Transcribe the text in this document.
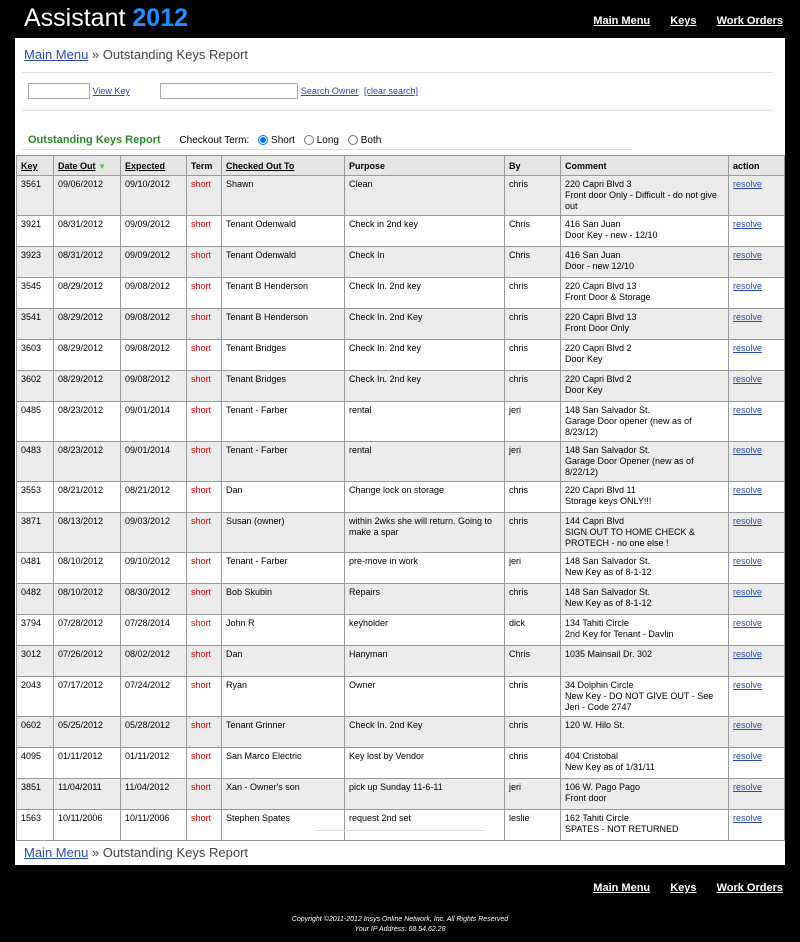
Assistant 2012	Main Menu Keys Work Orders
Main Menu » Outstanding Keys Report
View Key	Search Owner [clear search]
Outstanding Keys Report Checkout Term: Short Long Both
Key	Date Out ▼	Expected	Term	Checked Out To	Purpose	By	Comment	action
3561	09/06/2012	09/10/2012	short	Shawn	Clean	chris	220 Capri Blvd 3
Front door Only - Difficult - do not give out	resolve
3921	08/31/2012	09/09/2012	short	Tenant Odenwald	Check in 2nd key	Chris	416 San Juan
Door Key - new - 12/10	resolve
3923	08/31/2012	09/09/2012	short	Tenant Odenwald	Check In	Chris	416 San Juan
Door - new 12/10	resolve
3545	08/29/2012	09/08/2012	short	Tenant B Henderson	Check In. 2nd key	chris	220 Capri Blvd 13
Front Door & Storage	resolve
3541	08/29/2012	09/08/2012	short	Tenant B Henderson	Check In. 2nd Key	chris	220 Capri Blvd 13
Front Door Only	resolve
3603	08/29/2012	09/08/2012	short	Tenant Bridges	Check In. 2nd key	chris	220 Capri Blvd 2
Door Key	resolve
3602	08/29/2012	09/08/2012	short	Tenant Bridges	Check In. 2nd key	chris	220 Capri Blvd 2
Door Key	resolve
0485	08/23/2012	09/01/2014	short	Tenant - Farber	rental	jeri	148 San Salvador St.
Garage Door opener (new as of 8/23/12)	resolve
0483	08/23/2012	09/01/2014	short	Tenant - Farber	rental	jeri	148 San Salvador St.
Garage Door Opener (new as of 8/22/12)	resolve
3553	08/21/2012	08/21/2012	short	Dan	Change lock on storage	chris	220 Capri Blvd 11
Storage keys ONLY!!!	resolve
3871	08/13/2012	09/03/2012	short	Susan (owner)	within 2wks she will return. Going to make a spar	chris	144 Capri Blvd
SIGN OUT TO HOME CHECK & PROTECH - no one else !	resolve
0481	08/10/2012	09/10/2012	short	Tenant - Farber	pre-move in work	jeri	148 San Salvador St.
New Key as of 8-1-12	resolve
0482	08/10/2012	08/30/2012	short	Bob Skubin	Repairs	chris	148 San Salvador St.
New Key as of 8-1-12	resolve
3794	07/28/2012	07/28/2014	short	John R	keyholder	dick	134 Tahiti Circle
2nd Key for Tenant - Davlin	resolve
3012	07/26/2012	08/02/2012	short	Dan	Hanyman	Chris	1035 Mainsail Dr. 302	resolve
2043	07/17/2012	07/24/2012	short	Ryan	Owner	chris	34 Dolphin Circle
New Key - DO NOT GIVE OUT - See Jeri - Code 2747	resolve
0602	05/25/2012	05/28/2012	short	Tenant Grinner	Check In. 2nd Key	chris	120 W. Hilo St.	resolve
4095	01/11/2012	01/11/2012	short	San Marco Electric	Key lost by Vendor	chris	404 Cristobal
New Key as of 1/31/11	resolve
3851	11/04/2011	11/04/2012	short	Xan - Owner's son	pick up Sunday 11-6-11	jeri	106 W. Pago Pago
Front door	resolve
1563	10/11/2006	10/11/2006	short	Stephen Spates	request 2nd set	leslie	162 Tahiti Circle
SPATES - NOT RETURNED	resolve
Main Menu » Outstanding Keys Report
Main Menu Keys Work Orders
Copyright ©2011-2012 Insys Online Network, Inc. All Rights Reserved
Your IP Address: 68.54.62.28
